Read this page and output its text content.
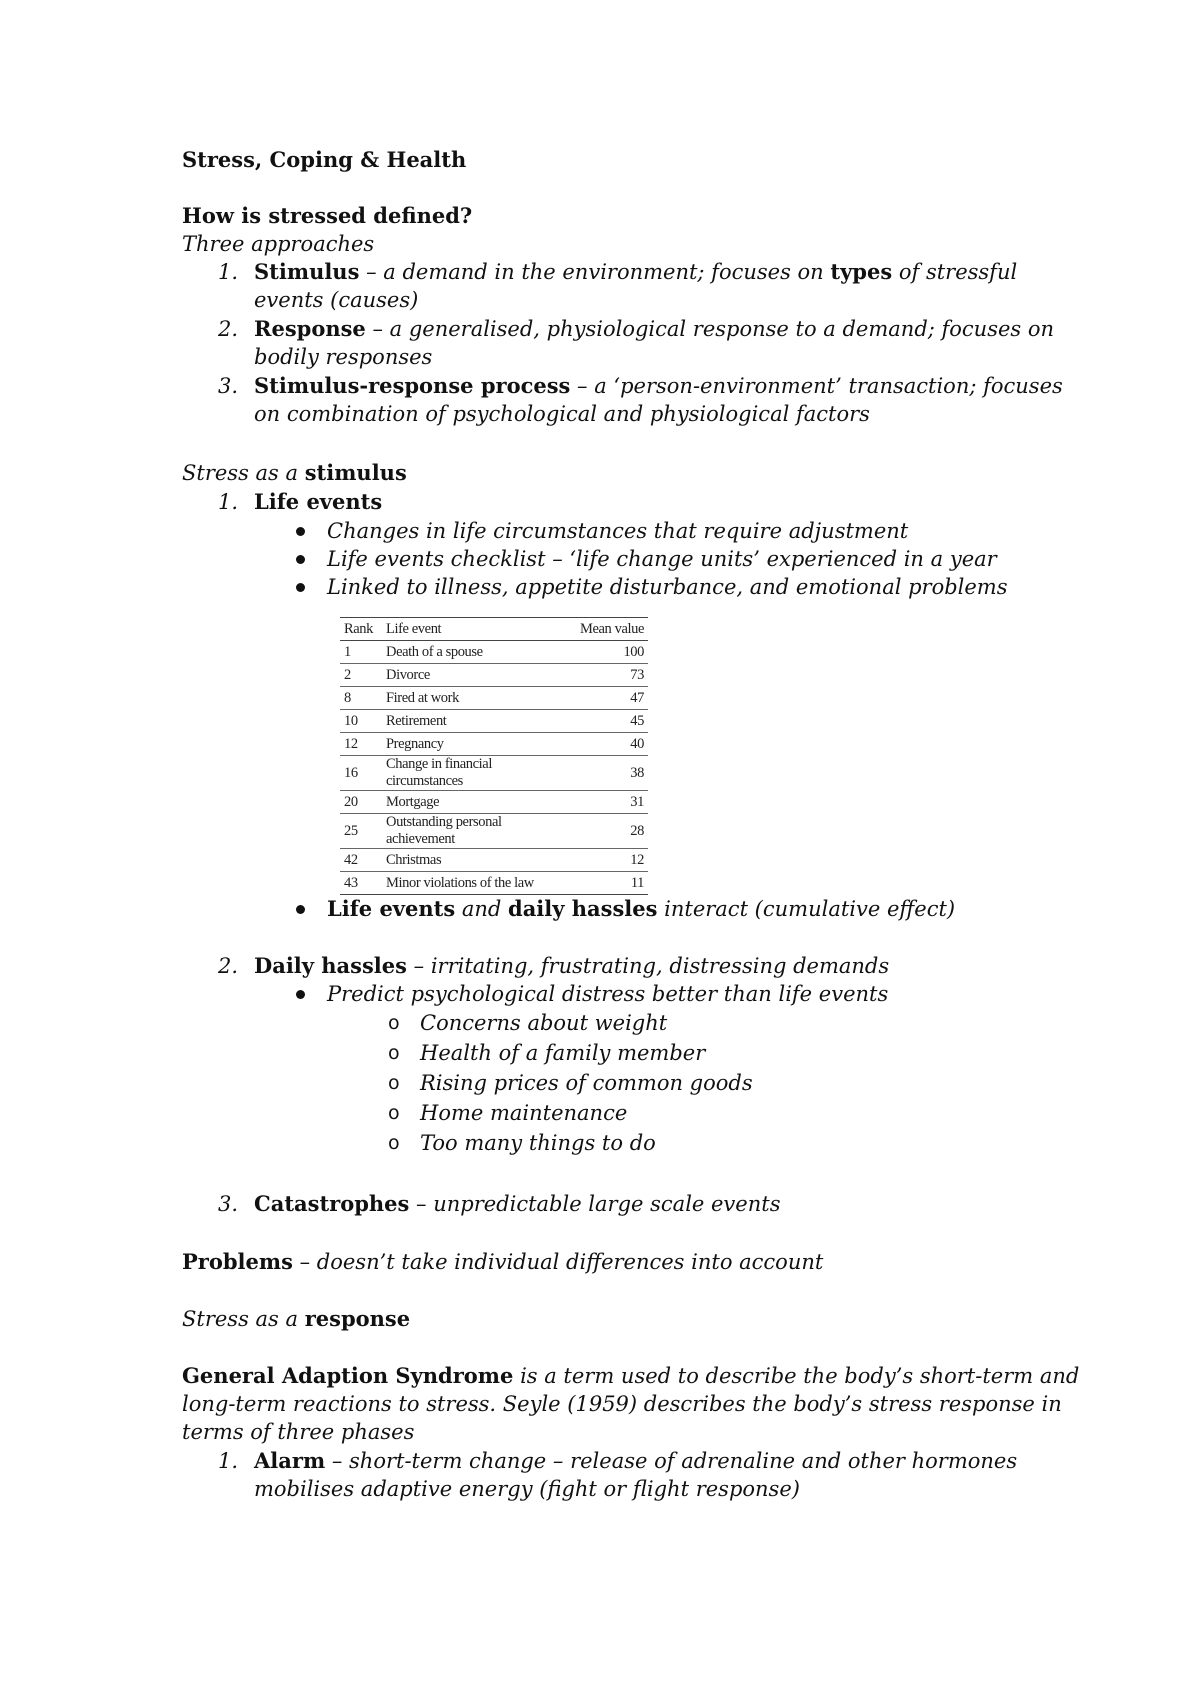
Stress, Coping & Health
How is stressed defined?
Three approaches
1. Stimulus – a demand in the environment; focuses on types of stressful
events (causes)
2. Response – a generalised, physiological response to a demand; focuses on
bodily responses
3. Stimulus-response process – a ‘person-environment’ transaction; focuses
on combination of psychological and physiological factors
Stress as a stimulus
1. Life events
Changes in life circumstances that require adjustment
Life events checklist – ‘life change units’ experienced in a year
Linked to illness, appetite disturbance, and emotional problems
Rank	Life event	Mean value
1	Death of a spouse	100
2	Divorce	73
8	Fired at work	47
10	Retirement	45
12	Pregnancy	40
16	Change in financial circumstances	38
20	Mortgage	31
25	Outstanding personal achievement	28
42	Christmas	12
43	Minor violations of the law	11
Life events and daily hassles interact (cumulative effect)
2. Daily hassles – irritating, frustrating, distressing demands
Predict psychological distress better than life events
o Concerns about weight
o Health of a family member
o Rising prices of common goods
o Home maintenance
o Too many things to do
3. Catastrophes – unpredictable large scale events
Problems – doesn’t take individual differences into account
Stress as a response
General Adaption Syndrome is a term used to describe the body’s short-term and
long-term reactions to stress. Seyle (1959) describes the body’s stress response in
terms of three phases
1. Alarm – short-term change – release of adrenaline and other hormones
mobilises adaptive energy (fight or flight response)
